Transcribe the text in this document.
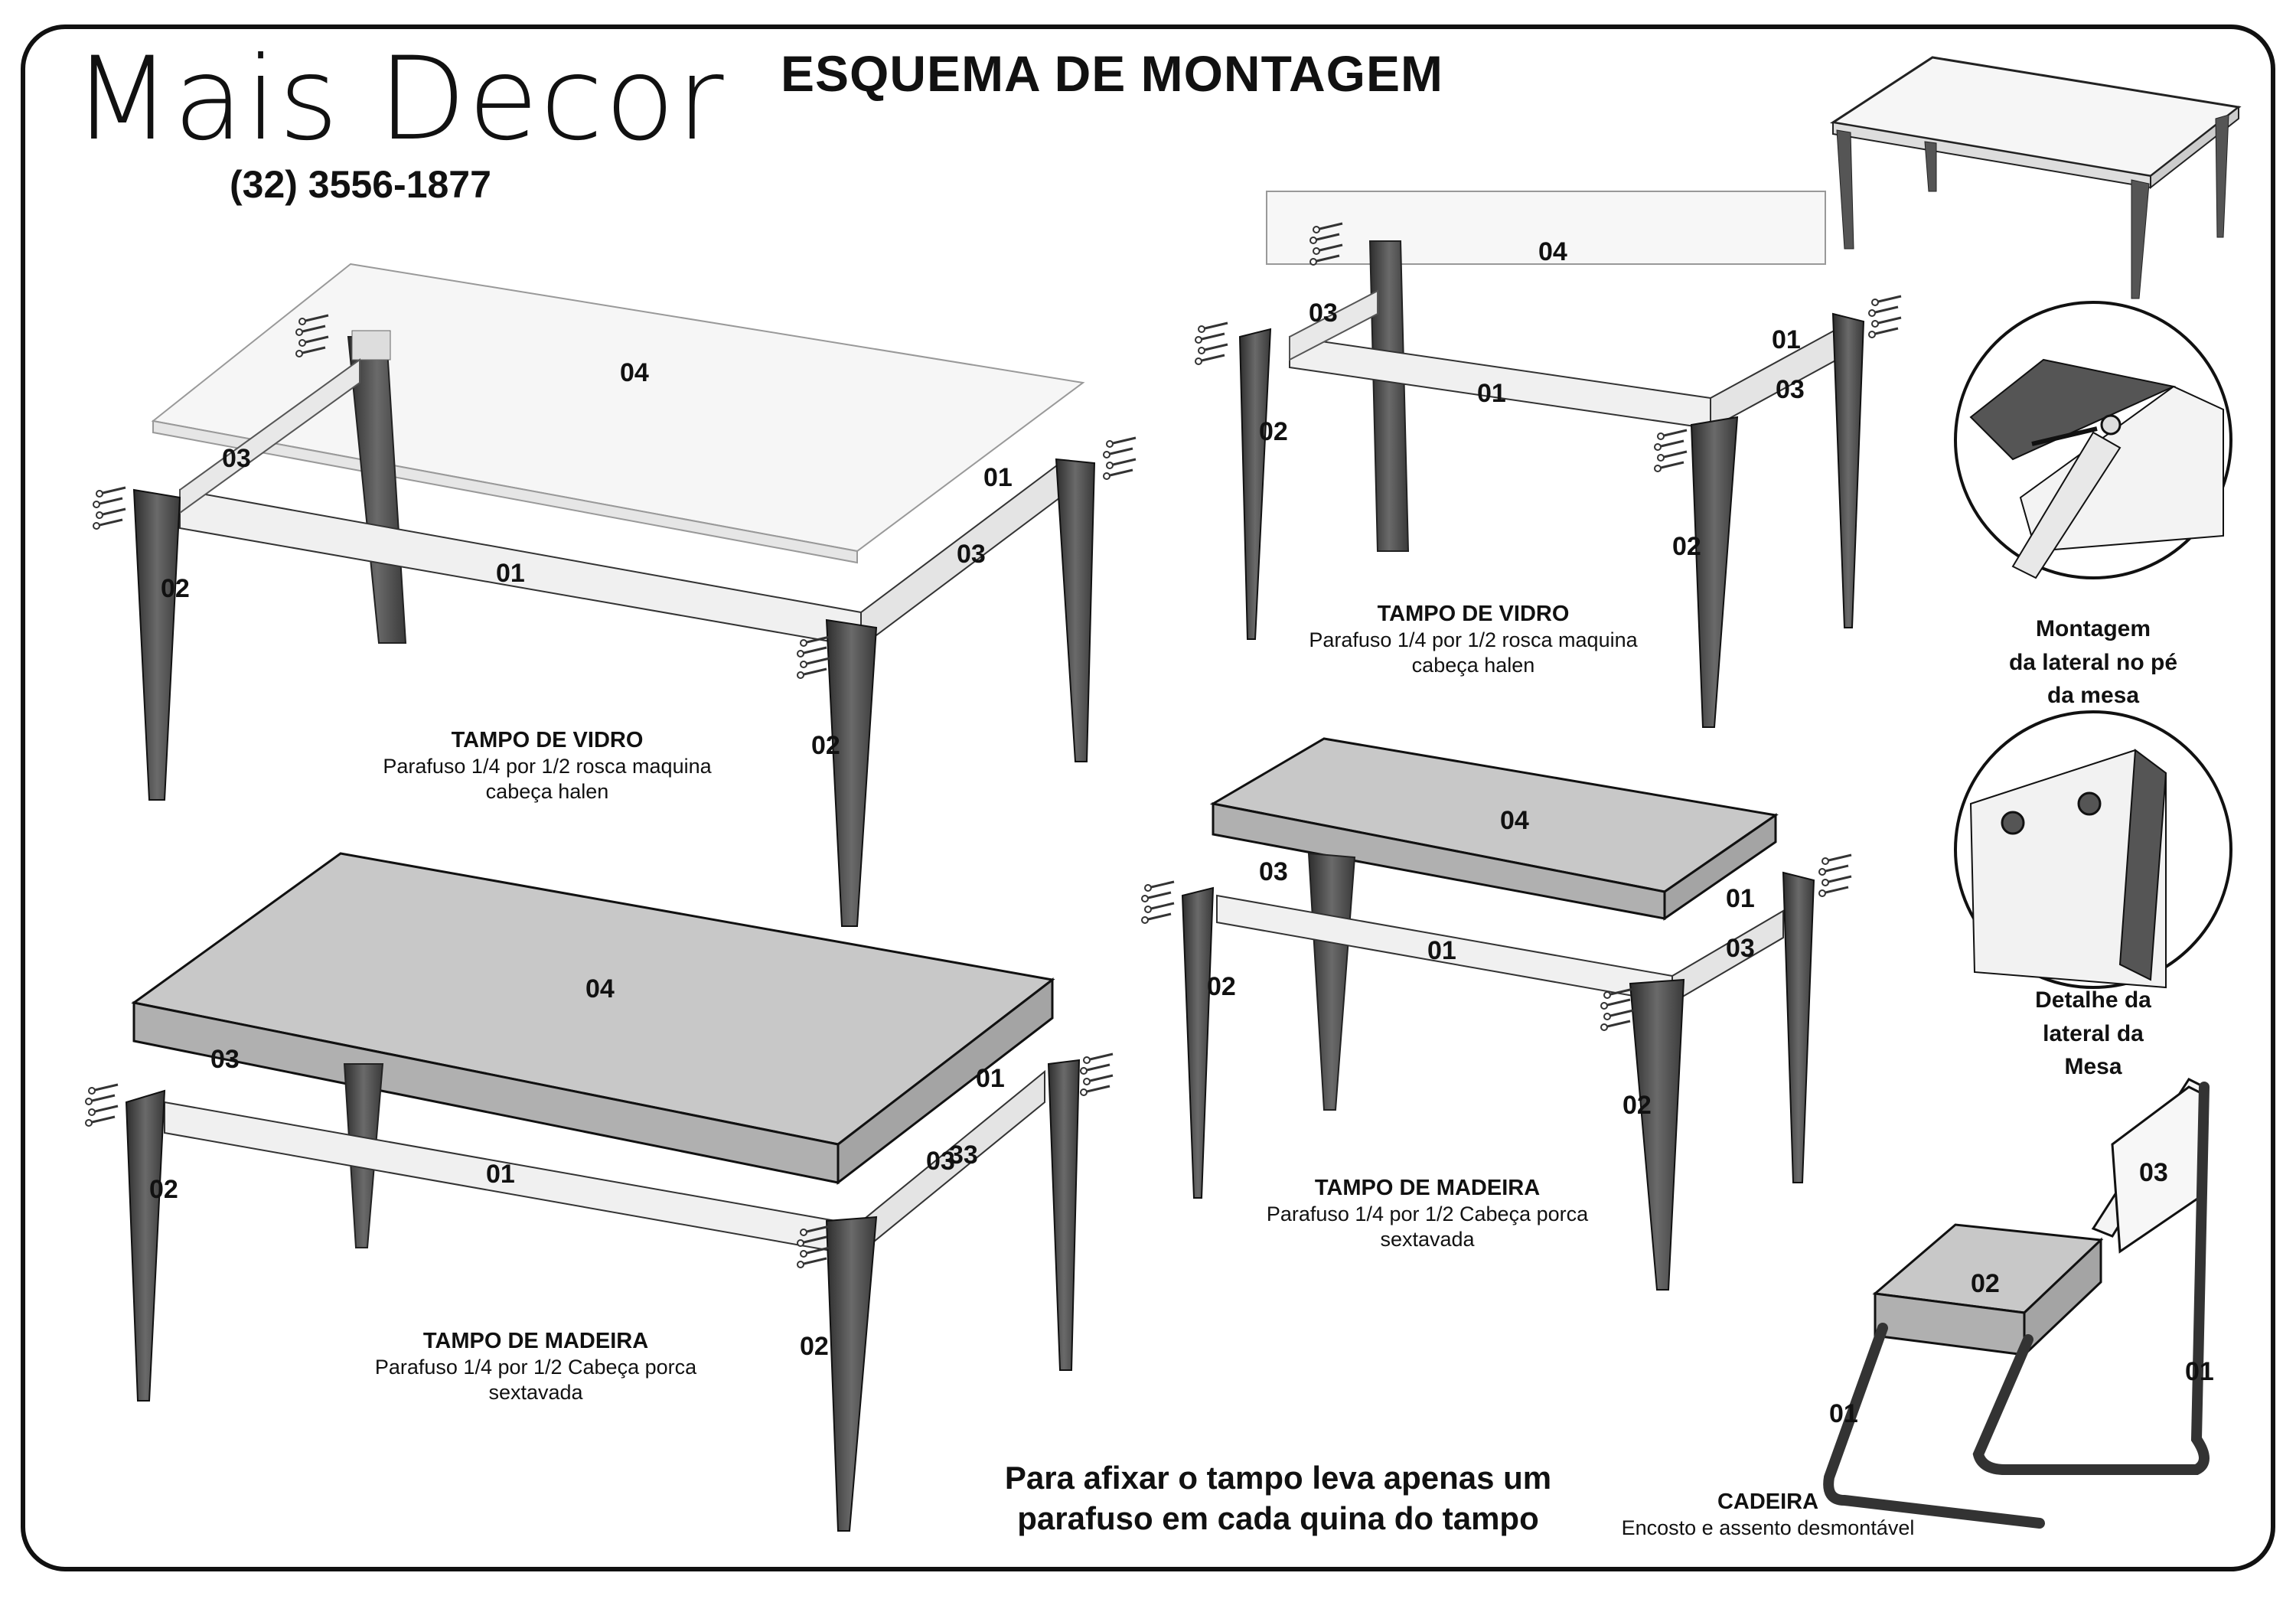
04
03
01
03
01
02
02
04
03
01
03
01
02
02
04
03
01
03
33
01
02
02
04
03
01
03
01
02
02
03
02
01
01
Mais Decor
(32) 3556-1877
ESQUEMA DE MONTAGEM
TAMPO DE VIDRO
Parafuso 1/4 por 1/2 rosca maquina
cabeça halen
TAMPO DE VIDRO
Parafuso 1/4 por 1/2 rosca maquina
cabeça halen
TAMPO DE MADEIRA
Parafuso 1/4 por 1/2 Cabeça porca
sextavada
TAMPO DE MADEIRA
Parafuso 1/4 por 1/2 Cabeça porca
sextavada
Montagem
da lateral no pé
da mesa
Detalhe da
lateral da
Mesa
CADEIRA
Encosto e assento desmontável
Para afixar o tampo leva apenas um
parafuso em cada quina do tampo
